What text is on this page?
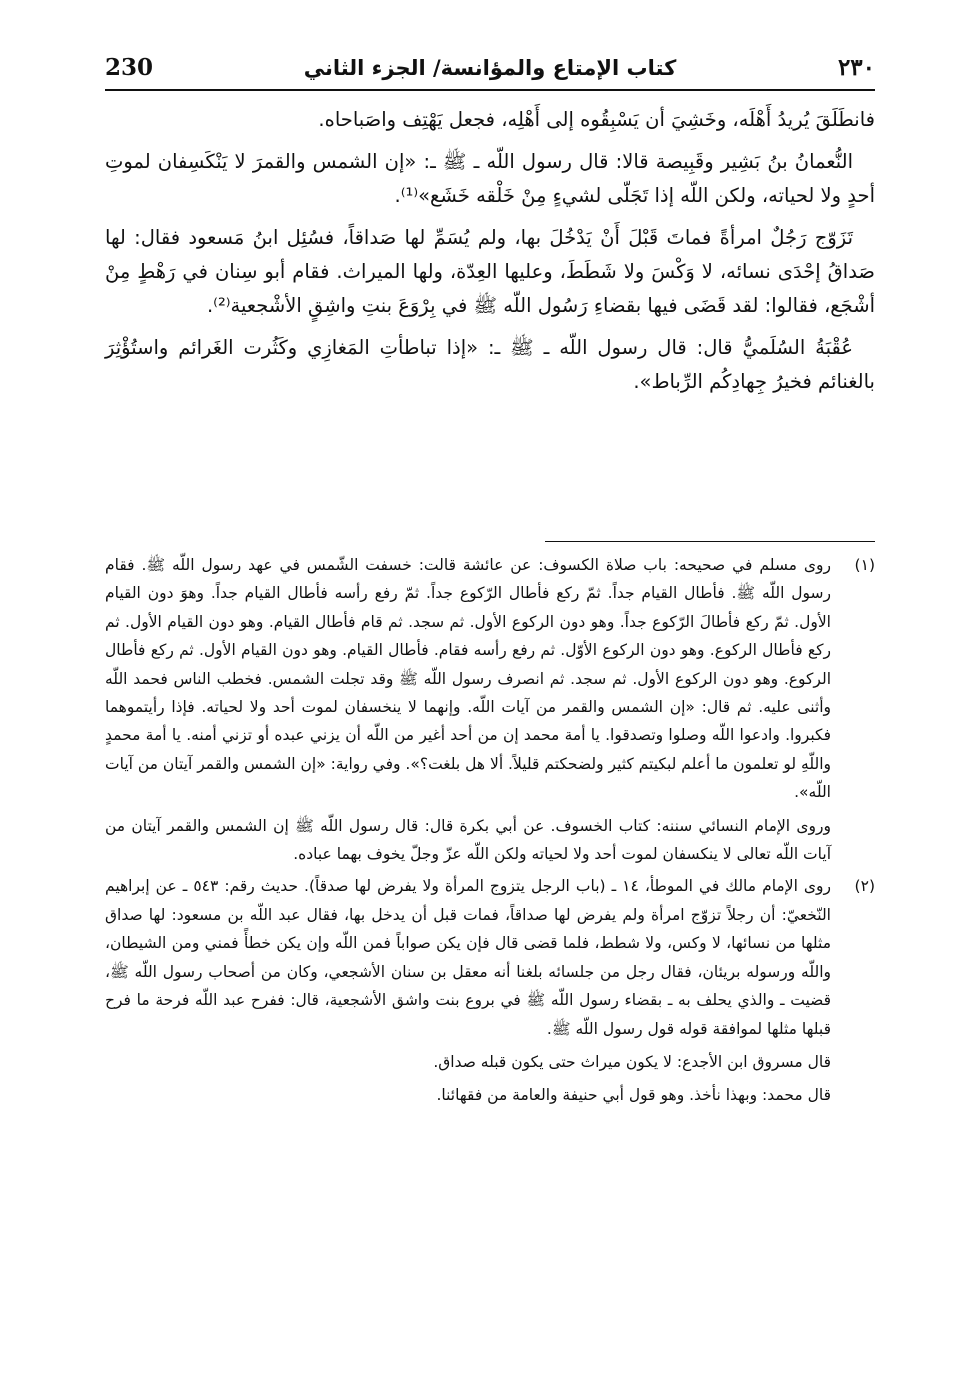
230	كتاب الإمتاع والمؤانسة/ الجزء الثاني	٢٣٠

فانطَلَقَ يُريدُ أَهْلَه، وخَشِيَ أن يَسْبِقُوه إلى أَهْلِه، فجعل يَهْتِف واصَباحاه.

النُّعمانُ بنُ بَشِير وقَبِيصة قالا: قال رسول اللّه ـ ﷺ ـ: «إن الشمس والقمرَ لا يَنْكَسِفان لموتِ أحدٍ ولا لحياته، ولكن اللّه إذا تَجَلّى لشيءٍ مِنْ خَلْقه خَشَع»⁽¹⁾.

تَزَوّج رَجُلٌ امرأةً فماتَ قَبْلَ أَنْ يَدْخُلَ بها، ولم يُسَمِّ لها صَداقاً، فسُئِل ابنُ مَسعود فقال: لها صَداقُ إحْدَى نسائه، لا وَكْسَ ولا شَطَطَ، وعليها العِدّة، ولها الميراث. فقام أبو سِنان في رَهْطٍ مِنْ أشْجَع، فقالوا: لقد قَضَى فيها بقضاءِ رَسُول اللّه ﷺ في بِرْوَعَ بنتِ واشِقٍ الأشْجعية⁽²⁾.

عُقْبَةُ السُلَميُّ قال: قال رسول اللّه ـ ﷺ ـ: «إذا تباطأتِ المَغازِي وكَثُرت الغَرائم واستُؤْثِرَ بالغنائم فخيرُ جِهادِكُم الرِّباط».

(١)

روى مسلم في صحيحه: باب صلاة الكسوف: عن عائشة قالت: خسفت الشّمس في عهد رسول اللّه ﷺ. فقام رسول اللّه ﷺ. فأطال القيام جداً. ثمّ ركع فأطال الرّكوع جداً. ثمّ رفع رأسه فأطال القيام جداً. وهوَ دون القيام الأول. ثمّ ركع فأطالَ الرّكوع جداً. وهو دون الركوع الأول. ثم سجد. ثم قام فأطال القيام. وهو دون القيام الأول. ثم ركع فأطال الركوع. وهو دون الركوع الأوّل. ثم رفع رأسه فقام. فأطال القيام. وهو دون القيام الأول. ثم ركع فأطال الركوع. وهو دون الركوع الأول. ثم سجد. ثم انصرف رسول اللّه ﷺ وقد تجلت الشمس. فخطب الناس فحمد اللّه وأثنى عليه. ثم قال: «إن الشمس والقمر من آيات اللّه. وإنهما لا ينخسفان لموت أحد ولا لحياته. فإذا رأيتموهما فكبروا. وادعوا اللّه وصلوا وتصدقوا. يا أمة محمد إن من أحد أغير من اللّه أن يزني عبده أو تزني أمنه. يا أمة محمدٍ واللّهِ لو تعلمون ما أعلم لبكيتم كثير ولضحكتم قليلاً. ألا هل بلغت؟». وفي رواية: «إن الشمس والقمر آيتان من آيات اللّه».

وروى الإمام النسائي سننه: كتاب الخسوف. عن أبي بكرة قال: قال رسول اللّه ﷺ إن الشمس والقمر آيتان من آيات اللّه تعالى لا ينكسفان لموت أحد ولا لحياته ولكن اللّه عزّ وجلّ يخوف بهما عباده.

(٢)

روى الإمام مالك في الموطأ، ١٤ ـ (باب الرجل يتزوج المرأة ولا يفرض لها صدقاً). حديث رقم: ٥٤٣ ـ عن إبراهيم النّخعيّ: أن رجلاً تزوّج امرأة ولم يفرض لها صداقاً، فمات قبل أن يدخل بها، فقال عبد اللّه بن مسعود: لها صداق مثلها من نسائها، لا وكس، ولا شطط، فلما قضى قال فإن يكن صواباً فمن اللّه وإن يكن خطأً فمني ومن الشيطان، واللّه ورسوله بريئان، فقال رجل من جلسائه بلغنا أنه معقل بن سنان الأشجعي، وكان من أصحاب رسول اللّه ﷺ، قضيت ـ والذي يحلف به ـ بقضاء رسول اللّه ﷺ في بروع بنت واشق الأشجعية، قال: ففرح عبد اللّه فرحة ما فرح قبلها مثلها لموافقة قوله قول رسول اللّه ﷺ.

قال مسروق ابن الأجدع: لا يكون ميراث حتى يكون قبله صداق.

قال محمد: وبهذا نأخذ. وهو قول أبي حنيفة والعامة من فقهائنا.
